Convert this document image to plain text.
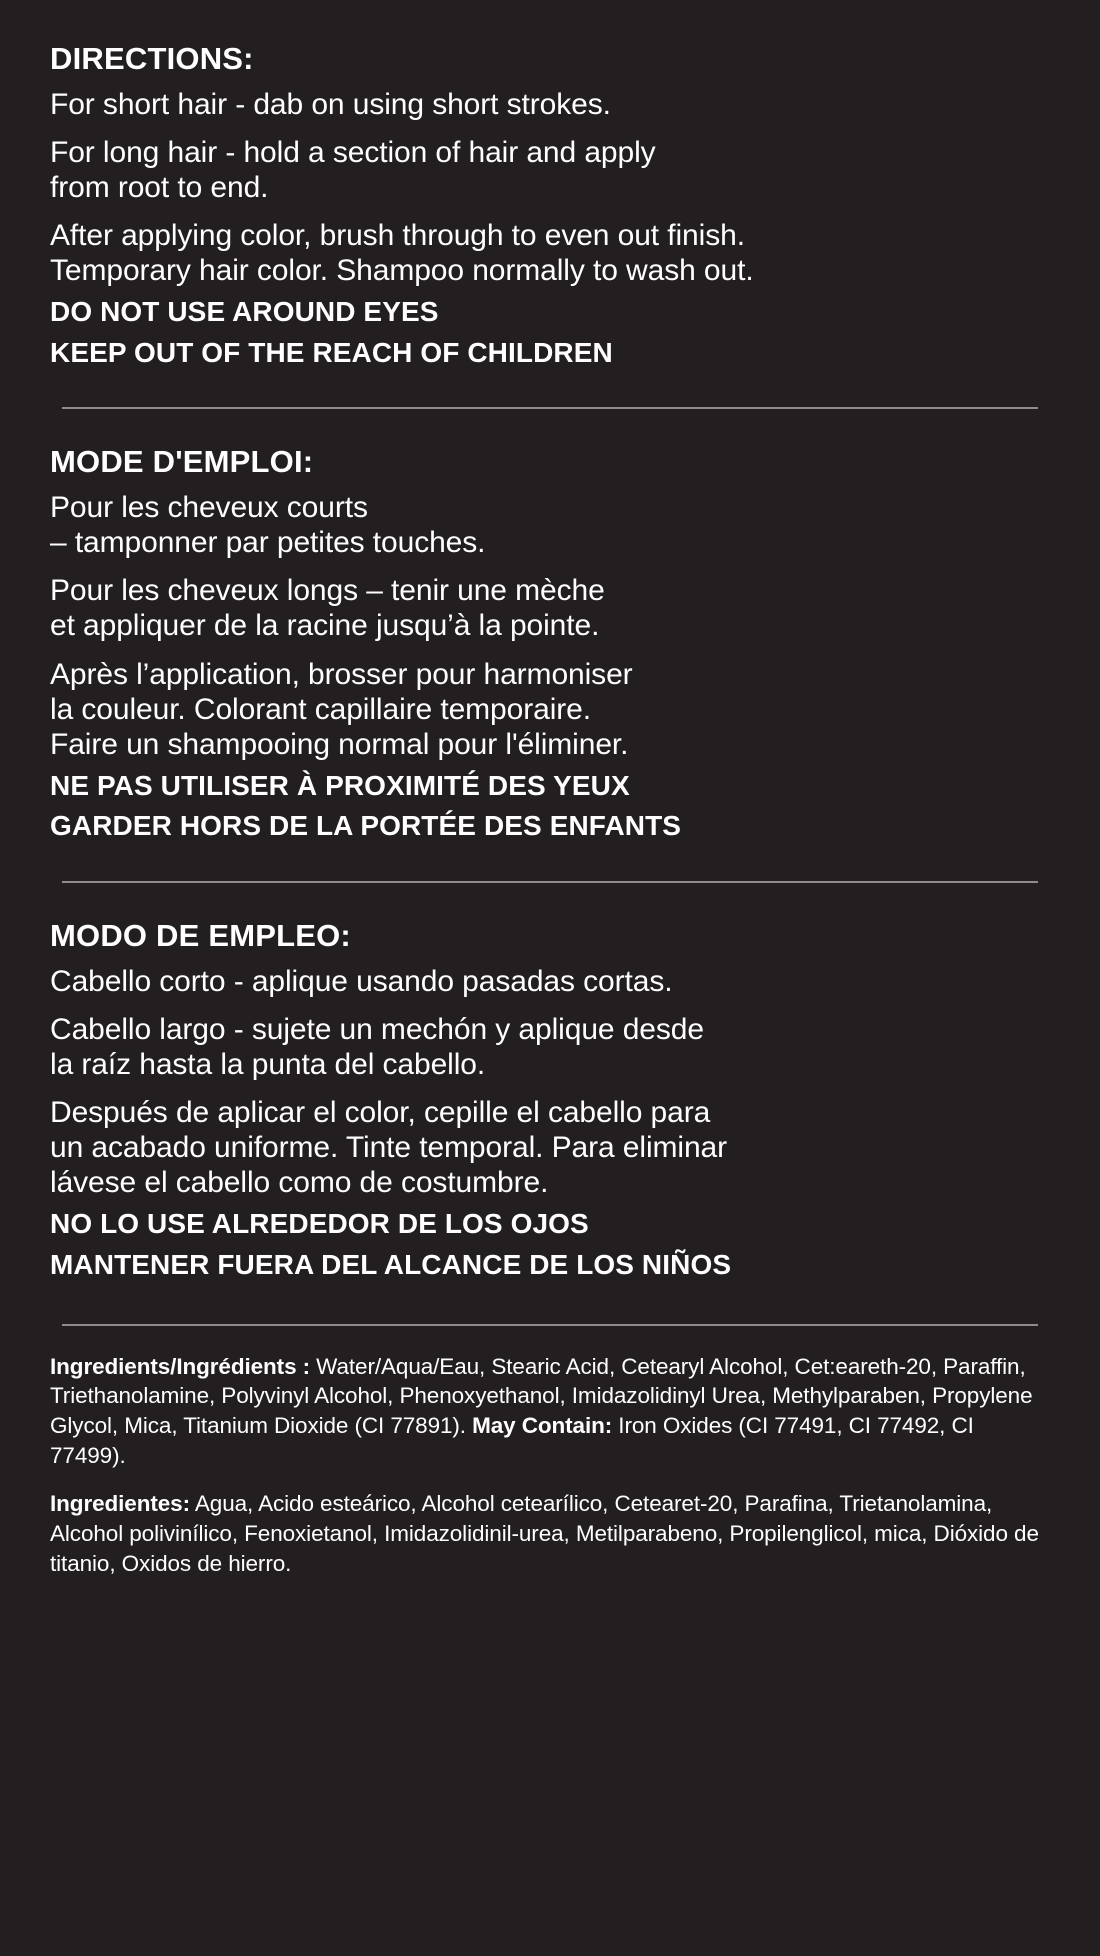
DIRECTIONS:

For short hair - dab on using short strokes.

For long hair - hold a section of hair and apply
from root to end.

After applying color, brush through to even out finish.
Temporary hair color. Shampoo normally to wash out.

DO NOT USE AROUND EYES

KEEP OUT OF THE REACH OF CHILDREN

MODE D'EMPLOI:

Pour les cheveux courts
– tamponner par petites touches.

Pour les cheveux longs – tenir une mèche
et appliquer de la racine jusqu’à la pointe.

Après l’application, brosser pour harmoniser
la couleur. Colorant capillaire temporaire.
Faire un shampooing normal pour l'éliminer.

NE PAS UTILISER À PROXIMITÉ DES YEUX

GARDER HORS DE LA PORTÉE DES ENFANTS

MODO DE EMPLEO:

Cabello corto - aplique usando pasadas cortas.

Cabello largo - sujete un mechón y aplique desde
la raíz hasta la punta del cabello.

Después de aplicar el color, cepille el cabello para
un acabado uniforme. Tinte temporal. Para eliminar
lávese el cabello como de costumbre.

NO LO USE ALREDEDOR DE LOS OJOS

MANTENER FUERA DEL ALCANCE DE LOS NIÑOS

Ingredients/Ingrédients : Water/Aqua/Eau, Stearic Acid, Cetearyl Alcohol, Cet:eareth-20, Paraffin, Triethanolamine, Polyvinyl Alcohol, Phenoxyethanol, Imidazolidinyl Urea, Methylparaben, Propylene Glycol, Mica, Titanium Dioxide (CI 77891). May Contain: Iron Oxides (CI 77491, CI 77492, CI 77499).

Ingredientes: Agua, Acido esteárico, Alcohol cetearílico, Cetearet-20, Parafina, Trietanolamina, Alcohol polivinílico, Fenoxietanol, Imidazolidinil-urea, Metilparabeno, Propilenglicol, mica, Dióxido de titanio, Oxidos de hierro.
